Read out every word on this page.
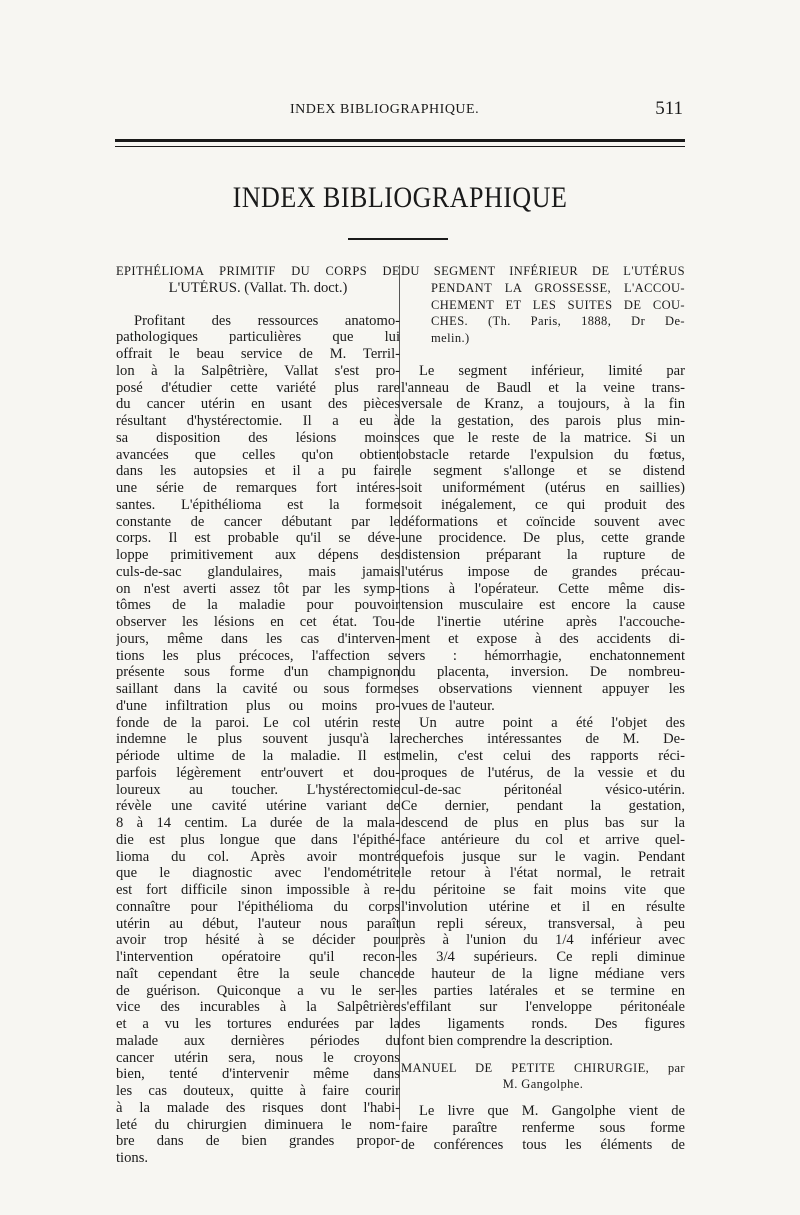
INDEX BIBLIOGRAPHIQUE.	511
INDEX BIBLIOGRAPHIQUE
EPITHÉLIOMA PRIMITIF DU CORPS DE
L'UTÉRUS. (Vallat. Th. doct.)
Profitant des ressources anatomo-
pathologiques particulières que lui
offrait le beau service de M. Terril-
lon à la Salpêtrière, Vallat s'est pro-
posé d'étudier cette variété plus rare
du cancer utérin en usant des pièces
résultant d'hystérectomie. Il a eu à
sa disposition des lésions moins
avancées que celles qu'on obtient
dans les autopsies et il a pu faire
une série de remarques fort intéres-
santes. L'épithélioma est la forme
constante de cancer débutant par le
corps. Il est probable qu'il se déve-
loppe primitivement aux dépens des
culs-de-sac glandulaires, mais jamais
on n'est averti assez tôt par les symp-
tômes de la maladie pour pouvoir
observer les lésions en cet état. Tou-
jours, même dans les cas d'interven-
tions les plus précoces, l'affection se
présente sous forme d'un champignon
saillant dans la cavité ou sous forme
d'une infiltration plus ou moins pro-
fonde de la paroi. Le col utérin reste
indemne le plus souvent jusqu'à la
période ultime de la maladie. Il est
parfois légèrement entr'ouvert et dou-
loureux au toucher. L'hystérectomie
révèle une cavité utérine variant de
8 à 14 centim. La durée de la mala-
die est plus longue que dans l'épithé-
lioma du col. Après avoir montré
que le diagnostic avec l'endométrite
est fort difficile sinon impossible à re-
connaître pour l'épithélioma du corps
utérin au début, l'auteur nous paraît
avoir trop hésité à se décider pour
l'intervention opératoire qu'il recon-
naît cependant être la seule chance
de guérison. Quiconque a vu le ser-
vice des incurables à la Salpêtrière
et a vu les tortures endurées par la
malade aux dernières périodes du
cancer utérin sera, nous le croyons
bien, tenté d'intervenir même dans
les cas douteux, quitte à faire courir
à la malade des risques dont l'habi-
leté du chirurgien diminuera le nom-
bre dans de bien grandes propor-
tions.
DU SEGMENT INFÉRIEUR DE L'UTÉRUS
PENDANT LA GROSSESSE, L'ACCOU-
CHEMENT ET LES SUITES DE COU-
CHES. (Th. Paris, 1888, Dr De-
melin.)
Le segment inférieur, limité par
l'anneau de Baudl et la veine trans-
versale de Kranz, a toujours, à la fin
de la gestation, des parois plus min-
ces que le reste de la matrice. Si un
obstacle retarde l'expulsion du fœtus,
le segment s'allonge et se distend
soit uniformément (utérus en saillies)
soit inégalement, ce qui produit des
déformations et coïncide souvent avec
une procidence. De plus, cette grande
distension préparant la rupture de
l'utérus impose de grandes précau-
tions à l'opérateur. Cette même dis-
tension musculaire est encore la cause
de l'inertie utérine après l'accouche-
ment et expose à des accidents di-
vers : hémorrhagie, enchatonnement
du placenta, inversion. De nombreu-
ses observations viennent appuyer les
vues de l'auteur.
Un autre point a été l'objet des
recherches intéressantes de M. De-
melin, c'est celui des rapports réci-
proques de l'utérus, de la vessie et du
cul-de-sac péritonéal vésico-utérin.
Ce dernier, pendant la gestation,
descend de plus en plus bas sur la
face antérieure du col et arrive quel-
quefois jusque sur le vagin. Pendant
le retour à l'état normal, le retrait
du péritoine se fait moins vite que
l'involution utérine et il en résulte
un repli séreux, transversal, à peu
près à l'union du 1/4 inférieur avec
les 3/4 supérieurs. Ce repli diminue
de hauteur de la ligne médiane vers
les parties latérales et se termine en
s'effilant sur l'enveloppe péritonéale
des ligaments ronds. Des figures
font bien comprendre la description.
MANUEL DE PETITE CHIRURGIE, par
M. Gangolphe.
Le livre que M. Gangolphe vient de
faire paraître renferme sous forme
de conférences tous les éléments de
